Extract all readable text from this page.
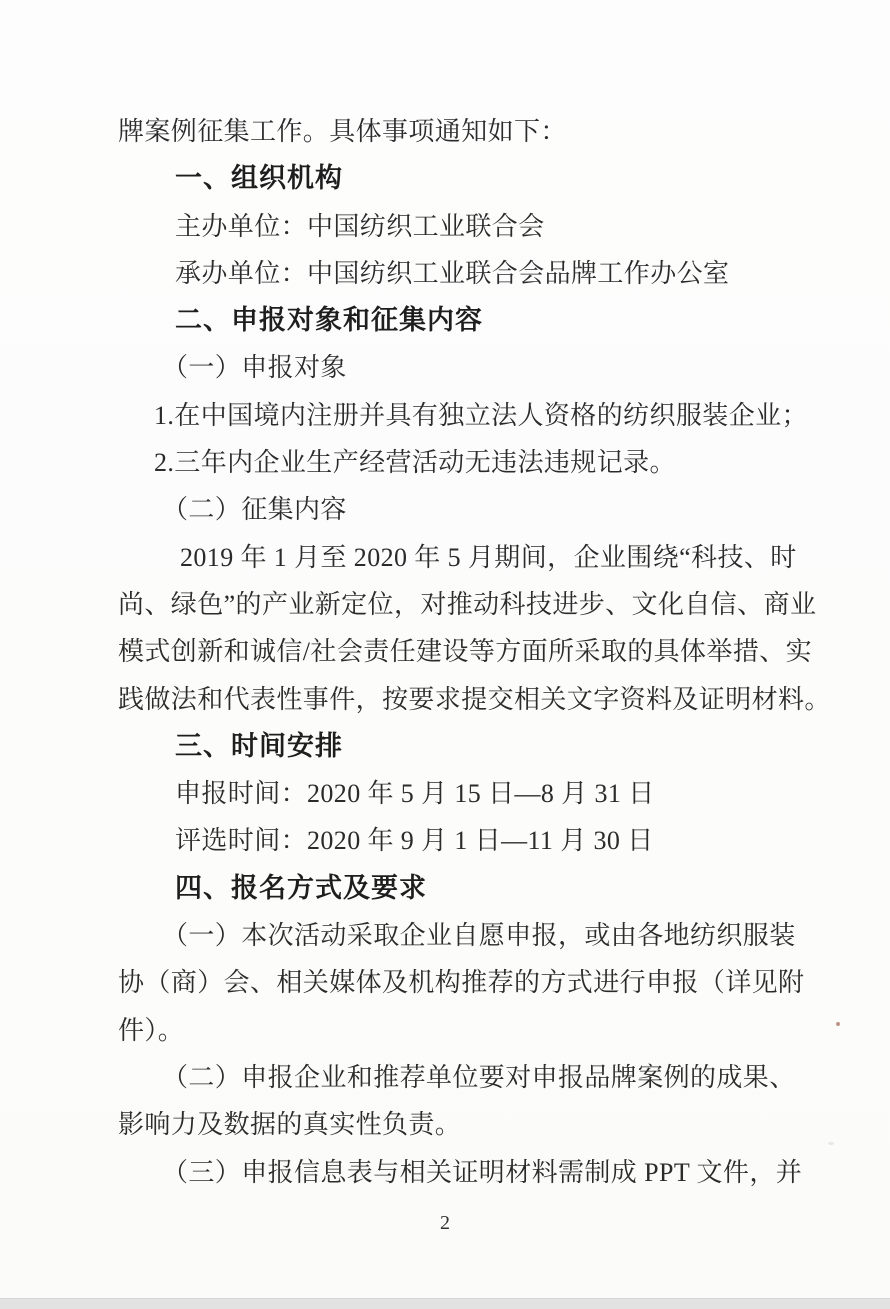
牌案例征集工作。具体事项通知如下：
一、组织机构
主办单位：中国纺织工业联合会
承办单位：中国纺织工业联合会品牌工作办公室
二、申报对象和征集内容
（一）申报对象
1.在中国境内注册并具有独立法人资格的纺织服装企业；
2.三年内企业生产经营活动无违法违规记录。
（二）征集内容
2019 年 1 月至 2020 年 5 月期间，企业围绕“科技、时
尚、绿色”的产业新定位，对推动科技进步、文化自信、商业
模式创新和诚信/社会责任建设等方面所采取的具体举措、实
践做法和代表性事件，按要求提交相关文字资料及证明材料。
三、时间安排
申报时间：2020 年 5 月 15 日—8 月 31 日
评选时间：2020 年 9 月 1 日—11 月 30 日
四、报名方式及要求
（一）本次活动采取企业自愿申报，或由各地纺织服装
协（商）会、相关媒体及机构推荐的方式进行申报（详见附
件）。
（二）申报企业和推荐单位要对申报品牌案例的成果、
影响力及数据的真实性负责。
（三）申报信息表与相关证明材料需制成 PPT 文件，并
2
